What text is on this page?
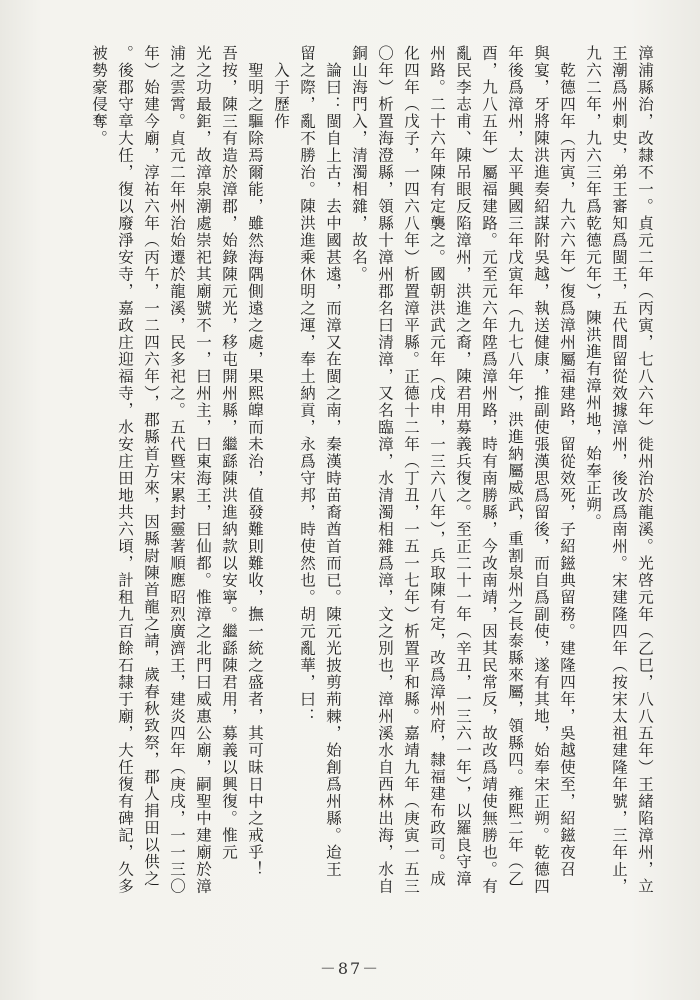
漳浦縣治，改隸不一。貞元二年（丙寅，七八六年）徙州治於龍溪。光啓元年（乙巳，八八五年）王緒陷漳州，立
王潮爲州刺史，弟王審知爲閩王，五代間留從效據漳州，後改爲南州。宋建隆四年（按宋太祖建隆年號，三年止，
九六二年，九六三年爲乾德元年），陳洪進有漳州地，始奉正朔。
　乾德四年（丙寅，九六六年）復爲漳州屬福建路，留從效死，子紹鎡典留務。建隆四年，吳越使至，紹鎡夜召
與宴，牙將陳洪進奏紹謀附吳越，執送健康，推副使張漢思爲留後，而自爲副使，遂有其地，始奉宋正朔。乾德四
年後爲漳州，太平興國三年戊寅年（九七八年），洪進納屬威武，重割泉州之長泰縣來屬，領縣四。雍熙二年（乙
酉，九八五年）屬福建路。元至元六年陞爲漳州路，時有南勝縣，今改南靖，因其民常反，故改爲靖使無勝也。有
亂民李志甫、陳吊眼反陷漳州，洪進之裔，陳君用募義兵復之。至正二十一年（辛丑，一三六一年），以羅良守漳
州路。二十六年陳有定襲之。國朝洪武元年（戊申，一三六八年），兵取陳有定，改爲漳州府，隸福建布政司。成
化四年（戊子，一四六八年）析置漳平縣。正德十二年（丁丑，一五一七年）析置平和縣。嘉靖九年（庚寅一五三
〇年）析置海澄縣，領縣十漳州郡名曰清漳，又名臨漳，水清濁相雜爲漳，文之別也，漳州溪水自西林出海，水自
銅山海門入，清濁相雜，故名。
　論曰：閩自上古，去中國甚遠，而漳又在閩之南，秦漢時苗裔酋首而已。陳元光披剪荊棘，始創爲州縣。迨王
留之際，亂不勝治。陳洪進乘休明之運，奉土納貢，永爲守邦，時使然也。胡元亂華，曰：
　入于歷作
　聖明之驅除焉爾能，雖然海隅側遠之處，果熙皥而未治，值發難則難收，撫一統之盛者，其可昧日中之戒乎！
吾按，陳三有造於漳郡，始錄陳元光，移屯開州縣，繼繇陳洪進納款以安寧。繼繇陳君用，募義以興復。惟元
光之功最鉅，故漳泉潮處崇祀其廟號不一，曰州主，曰東海王，曰仙都。惟漳之北門曰威惠公廟，嗣聖中建廟於漳
浦之雲霄。貞元二年州治始遷於龍溪，民多祀之。五代暨宋累封靈著順應昭烈廣濟王，建炎四年（庚戌，一一三〇
年）始建今廟，淳祐六年（丙午，一二四六年），郡縣首方來，因縣尉陳首龍之請，歲春秋致祭，郡人捐田以供之
。後郡守章大任，復以廢淨安寺，嘉政庄迎福寺，水安庄田地共六頃，計租九百餘石隸于廟，大任復有碑記，久多
被勢豪侵奪。
－87－
